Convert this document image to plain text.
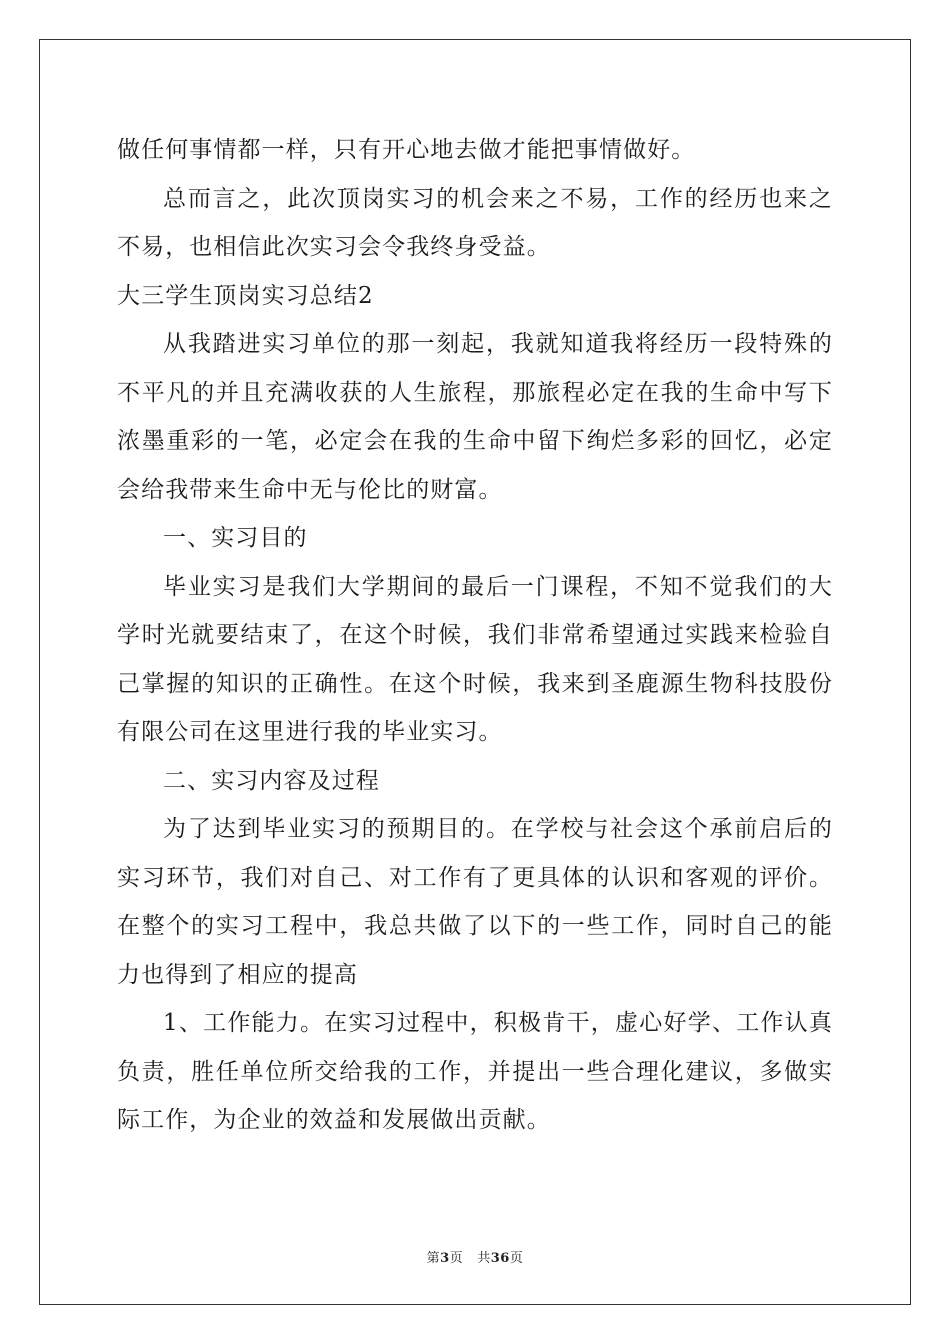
做任何事情都一样，只有开心地去做才能把事情做好。

总而言之，此次顶岗实习的机会来之不易，工作的经历也来之不易，也相信此次实习会令我终身受益。

大三学生顶岗实习总结2

从我踏进实习单位的那一刻起，我就知道我将经历一段特殊的不平凡的并且充满收获的人生旅程，那旅程必定在我的生命中写下浓墨重彩的一笔，必定会在我的生命中留下绚烂多彩的回忆，必定会给我带来生命中无与伦比的财富。

一、实习目的

毕业实习是我们大学期间的最后一门课程，不知不觉我们的大学时光就要结束了，在这个时候，我们非常希望通过实践来检验自己掌握的知识的正确性。在这个时候，我来到圣鹿源生物科技股份有限公司在这里进行我的毕业实习。

二、实习内容及过程

为了达到毕业实习的预期目的。在学校与社会这个承前启后的实习环节，我们对自己、对工作有了更具体的认识和客观的评价。在整个的实习工程中，我总共做了以下的一些工作，同时自己的能力也得到了相应的提高

1、工作能力。在实习过程中，积极肯干，虚心好学、工作认真负责，胜任单位所交给我的工作，并提出一些合理化建议，多做实际工作，为企业的效益和发展做出贡献。

第3页 共36页
